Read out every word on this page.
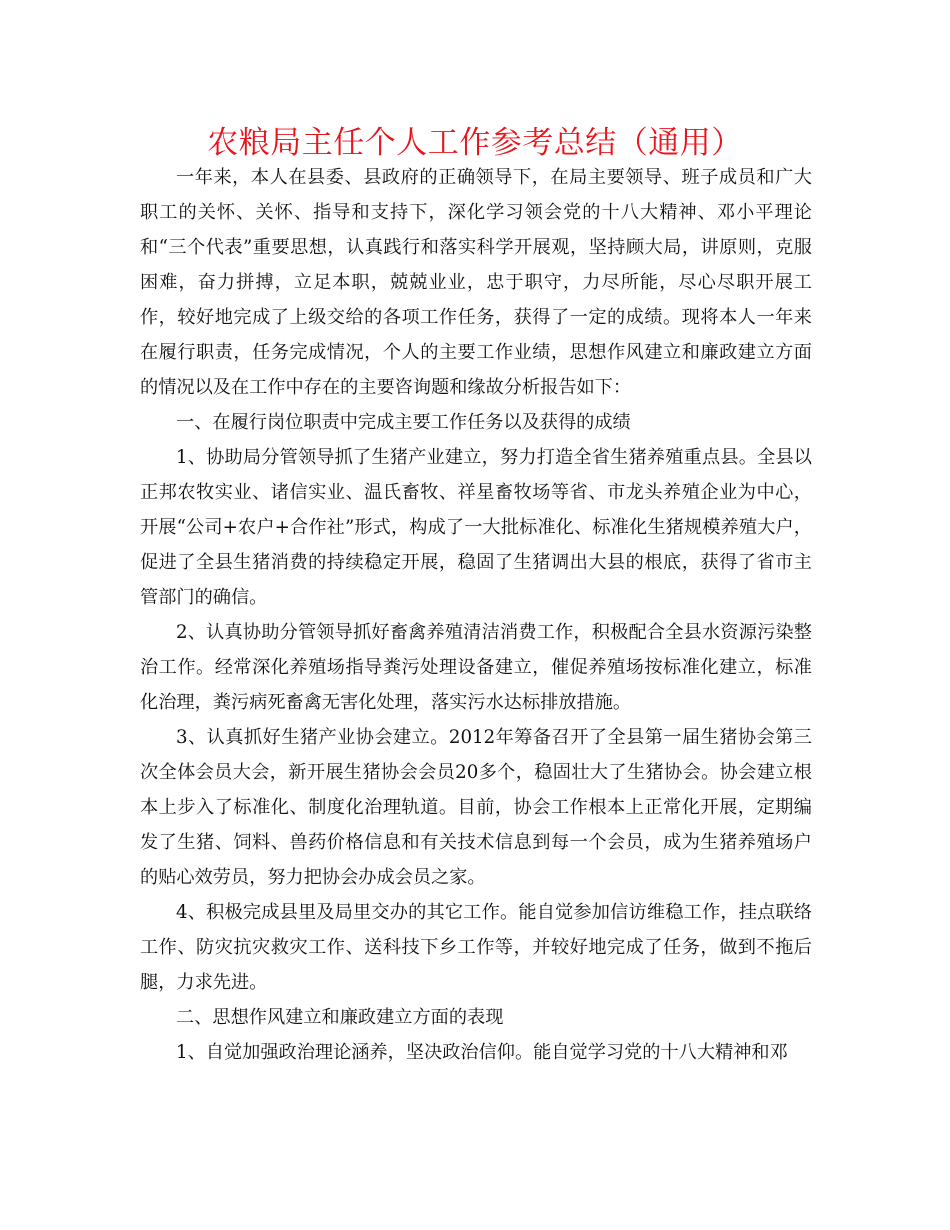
农粮局主任个人工作参考总结（通用）

一年来，本人在县委、县政府的正确领导下，在局主要领导、班子成员和广大职工的关怀、关怀、指导和支持下，深化学习领会党的十八大精神、邓小平理论和“三个代表”重要思想，认真践行和落实科学开展观，坚持顾大局，讲原则，克服困难，奋力拼搏，立足本职，兢兢业业，忠于职守，力尽所能，尽心尽职开展工作，较好地完成了上级交给的各项工作任务，获得了一定的成绩。现将本人一年来在履行职责，任务完成情况，个人的主要工作业绩，思想作风建立和廉政建立方面的情况以及在工作中存在的主要咨询题和缘故分析报告如下：

一、在履行岗位职责中完成主要工作任务以及获得的成绩

1、协助局分管领导抓了生猪产业建立，努力打造全省生猪养殖重点县。全县以正邦农牧实业、诸信实业、温氏畜牧、祥星畜牧场等省、市龙头养殖企业为中心，开展“公司+农户+合作社”形式，构成了一大批标准化、标准化生猪规模养殖大户，促进了全县生猪消费的持续稳定开展，稳固了生猪调出大县的根底，获得了省市主管部门的确信。

2、认真协助分管领导抓好畜禽养殖清洁消费工作，积极配合全县水资源污染整治工作。经常深化养殖场指导粪污处理设备建立，催促养殖场按标准化建立，标准化治理，粪污病死畜禽无害化处理，落实污水达标排放措施。

3、认真抓好生猪产业协会建立。2012年筹备召开了全县第一届生猪协会第三次全体会员大会，新开展生猪协会会员20多个，稳固壮大了生猪协会。协会建立根本上步入了标准化、制度化治理轨道。目前，协会工作根本上正常化开展，定期编发了生猪、饲料、兽药价格信息和有关技术信息到每一个会员，成为生猪养殖场户的贴心效劳员，努力把协会办成会员之家。

4、积极完成县里及局里交办的其它工作。能自觉参加信访维稳工作，挂点联络工作、防灾抗灾救灾工作、送科技下乡工作等，并较好地完成了任务，做到不拖后腿，力求先进。

二、思想作风建立和廉政建立方面的表现

1、自觉加强政治理论涵养，坚决政治信仰。能自觉学习党的十八大精神和邓
